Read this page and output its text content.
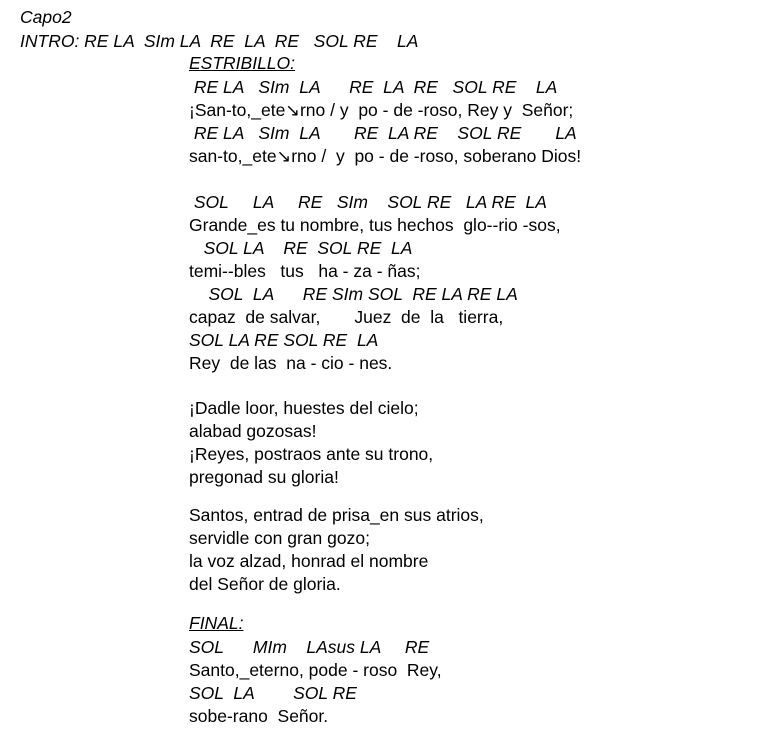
Capo2
INTRO: RE LA  SIm LA  RE  LA  RE   SOL RE    LA
ESTRIBILLO:
RE LA   SIm  LA      RE  LA  RE   SOL RE    LA
¡San-to,_ete↘rno / y  po - de -roso, Rey y  Señor;
RE LA   SIm  LA       RE  LA RE    SOL RE       LA
san-to,_ete↘rno /  y  po - de -roso, soberano Dios!
SOL     LA     RE   SIm    SOL RE   LA RE  LA
Grande_es tu nombre, tus hechos  glo--rio -sos,
SOL LA    RE  SOL RE  LA
temi--bles   tus   ha - za - ñas;
SOL  LA      RE SIm SOL  RE LA RE LA
capaz  de salvar,       Juez  de  la   tierra,
SOL LA RE SOL RE  LA
Rey  de las  na - cio - nes.
¡Dadle loor, huestes del cielo;
alabad gozosas!
¡Reyes, postraos ante su trono,
pregonad su gloria!
Santos, entrad de prisa_en sus atrios,
servidle con gran gozo;
la voz alzad, honrad el nombre
del Señor de gloria.
FINAL:
SOL      MIm    LAsus LA     RE
Santo,_eterno, pode - roso  Rey,
SOL  LA        SOL RE
sobe-rano  Señor.
